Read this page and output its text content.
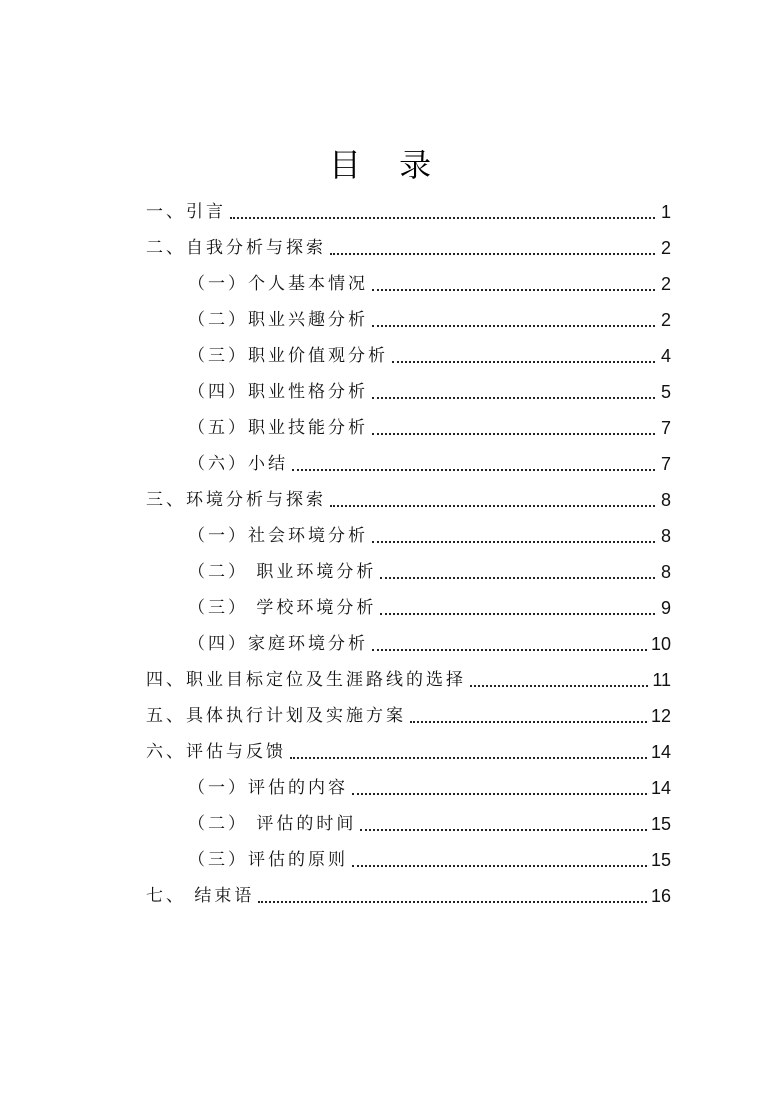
目 录
一、引言	1
二、自我分析与探索	2
（一）个人基本情况	2
（二）职业兴趣分析	2
（三）职业价值观分析	4
（四）职业性格分析	5
（五）职业技能分析	7
（六）小结	7
三、环境分析与探索	8
（一）社会环境分析	8
（二） 职业环境分析	8
（三） 学校环境分析	9
（四）家庭环境分析	10
四、职业目标定位及生涯路线的选择	11
五、具体执行计划及实施方案	12
六、评估与反馈	14
（一）评估的内容	14
（二） 评估的时间	15
（三）评估的原则	15
七、 结束语	16
